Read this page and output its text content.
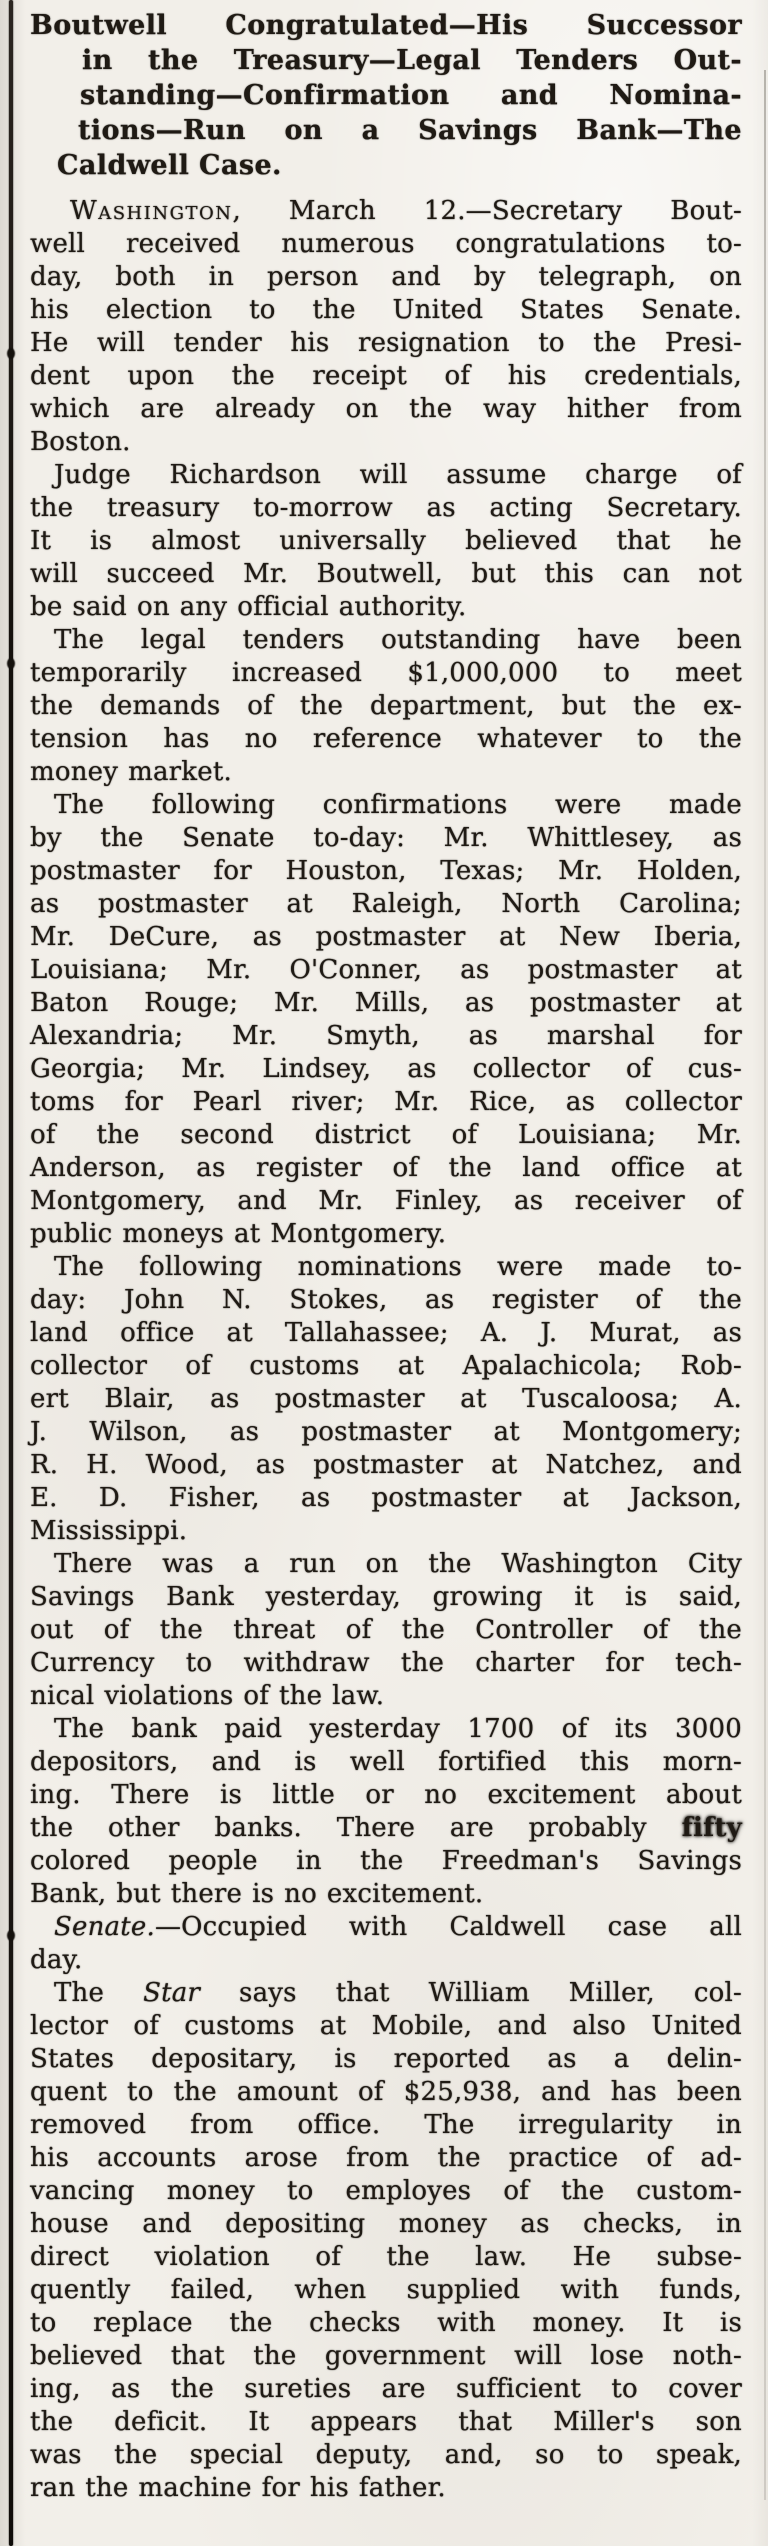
Boutwell Congratulated—His Successor
in the Treasury—Legal Tenders Out-
standing—Confirmation and Nomina-
tions—Run on a Savings Bank—The
Caldwell Case.
Washington, March 12.—Secretary Bout-
well received numerous congratulations to-
day, both in person and by telegraph, on
his election to the United States Senate.
He will tender his resignation to the Presi-
dent upon the receipt of his credentials,
which are already on the way hither from
Boston.
Judge Richardson will assume charge of
the treasury to-morrow as acting Secretary.
It is almost universally believed that he
will succeed Mr. Boutwell, but this can not
be said on any official authority.
The legal tenders outstanding have been
temporarily increased $1,000,000 to meet
the demands of the department, but the ex-
tension has no reference whatever to the
money market.
The following confirmations were made
by the Senate to-day: Mr. Whittlesey, as
postmaster for Houston, Texas; Mr. Holden,
as postmaster at Raleigh, North Carolina;
Mr. DeCure, as postmaster at New Iberia,
Louisiana; Mr. O'Conner, as postmaster at
Baton Rouge; Mr. Mills, as postmaster at
Alexandria; Mr. Smyth, as marshal for
Georgia; Mr. Lindsey, as collector of cus-
toms for Pearl river; Mr. Rice, as collector
of the second district of Louisiana; Mr.
Anderson, as register of the land office at
Montgomery, and Mr. Finley, as receiver of
public moneys at Montgomery.
The following nominations were made to-
day: John N. Stokes, as register of the
land office at Tallahassee; A. J. Murat, as
collector of customs at Apalachicola; Rob-
ert Blair, as postmaster at Tuscaloosa; A.
J. Wilson, as postmaster at Montgomery;
R. H. Wood, as postmaster at Natchez, and
E. D. Fisher, as postmaster at Jackson,
Mississippi.
There was a run on the Washington City
Savings Bank yesterday, growing it is said,
out of the threat of the Controller of the
Currency to withdraw the charter for tech-
nical violations of the law.
The bank paid yesterday 1700 of its 3000
depositors, and is well fortified this morn-
ing. There is little or no excitement about
the other banks. There are probably fifty
colored people in the Freedman's Savings
Bank, but there is no excitement.
Senate.—Occupied with Caldwell case all
day.
The Star says that William Miller, col-
lector of customs at Mobile, and also United
States depositary, is reported as a delin-
quent to the amount of $25,938, and has been
removed from office. The irregularity in
his accounts arose from the practice of ad-
vancing money to employes of the custom-
house and depositing money as checks, in
direct violation of the law. He subse-
quently failed, when supplied with funds,
to replace the checks with money. It is
believed that the government will lose noth-
ing, as the sureties are sufficient to cover
the deficit. It appears that Miller's son
was the special deputy, and, so to speak,
ran the machine for his father.
